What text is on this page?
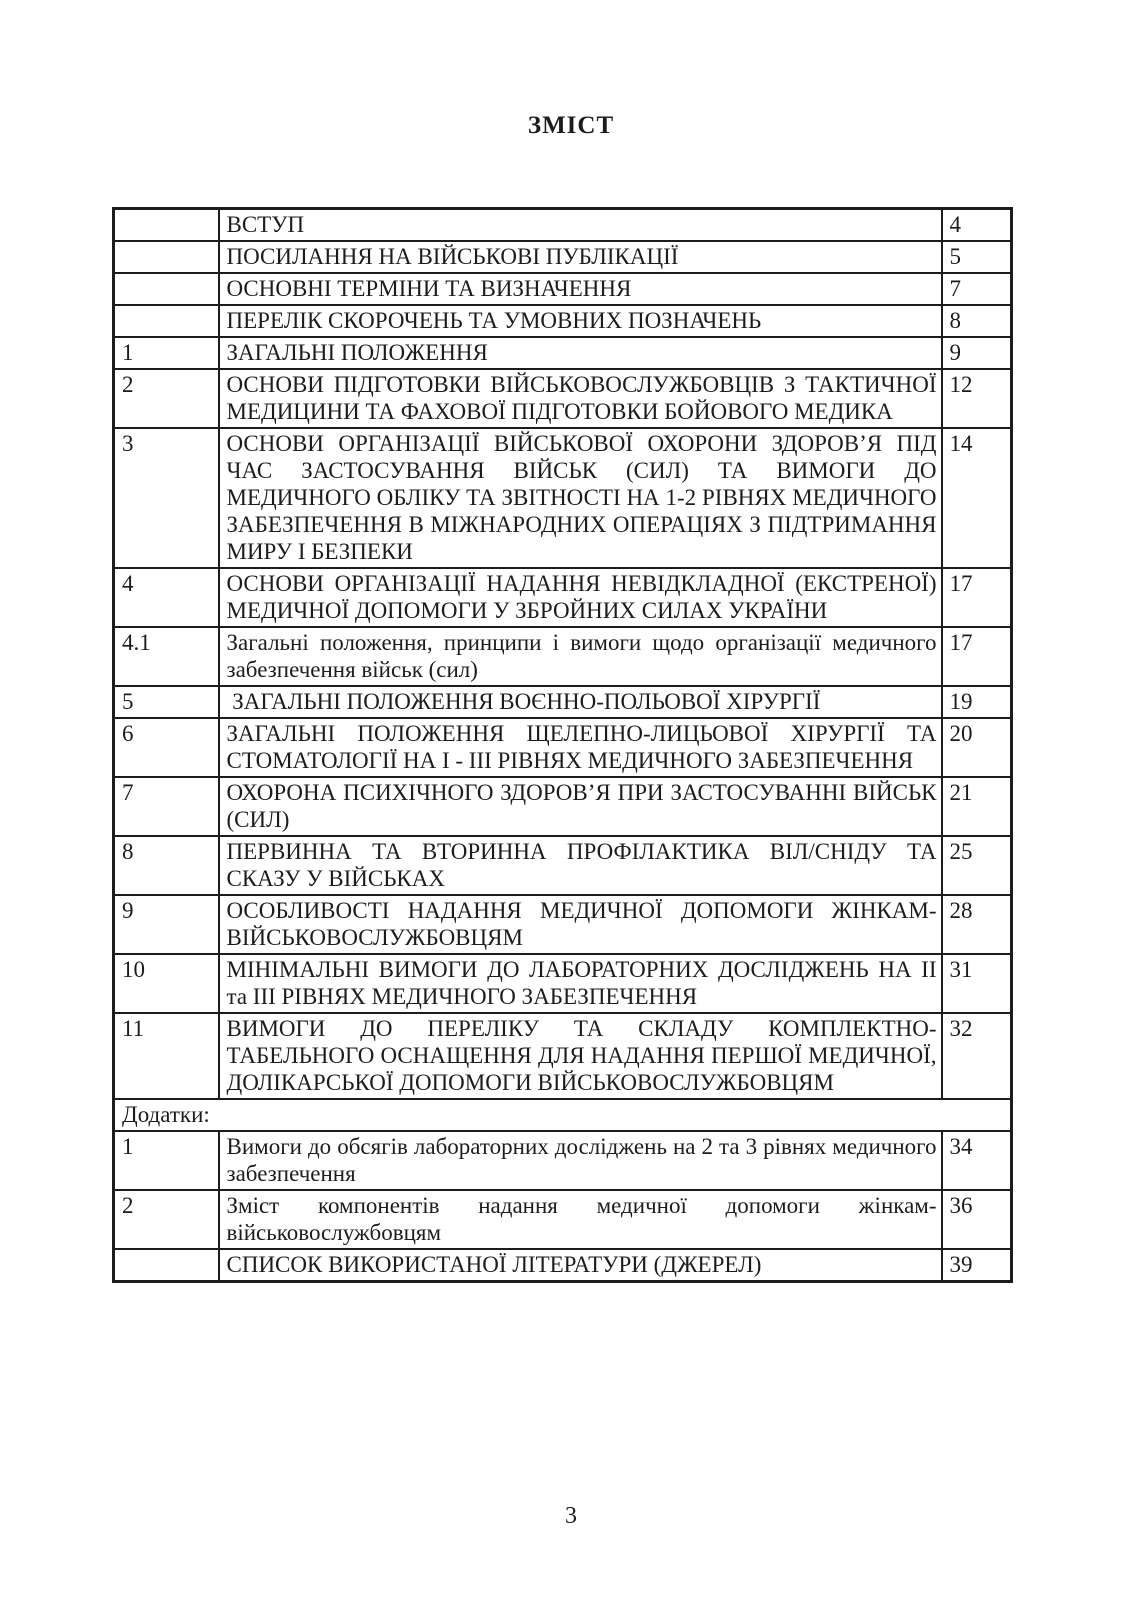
ЗМІСТ
	ВСТУП	4
	ПОСИЛАННЯ НА ВІЙСЬКОВІ ПУБЛІКАЦІЇ	5
	ОСНОВНІ ТЕРМІНИ ТА ВИЗНАЧЕННЯ	7
	ПЕРЕЛІК СКОРОЧЕНЬ ТА УМОВНИХ ПОЗНАЧЕНЬ	8
1	ЗАГАЛЬНІ ПОЛОЖЕННЯ	9
2	ОСНОВИ ПІДГОТОВКИ ВІЙСЬКОВОСЛУЖБОВЦІВ З ТАКТИЧНОЇ МЕДИЦИНИ ТА ФАХОВОЇ ПІДГОТОВКИ БОЙОВОГО МЕДИКА	12
3	ОСНОВИ ОРГАНІЗАЦІЇ ВІЙСЬКОВОЇ ОХОРОНИ ЗДОРОВ’Я ПІД ЧАС ЗАСТОСУВАННЯ ВІЙСЬК (СИЛ) ТА ВИМОГИ ДО МЕДИЧНОГО ОБЛІКУ ТА ЗВІТНОСТІ НА 1-2 РІВНЯХ МЕДИЧНОГО ЗАБЕЗПЕЧЕННЯ В МІЖНАРОДНИХ ОПЕРАЦІЯХ З ПІДТРИМАННЯ МИРУ І БЕЗПЕКИ	14
4	ОСНОВИ ОРГАНІЗАЦІЇ НАДАННЯ НЕВІДКЛАДНОЇ (ЕКСТРЕНОЇ) МЕДИЧНОЇ ДОПОМОГИ У ЗБРОЙНИХ СИЛАХ УКРАЇНИ	17
4.1	Загальні положення, принципи і вимоги щодо організації медичного забезпечення військ (сил)	17
5	ЗАГАЛЬНІ ПОЛОЖЕННЯ ВОЄННО-ПОЛЬОВОЇ ХІРУРГІЇ	19
6	ЗАГАЛЬНІ ПОЛОЖЕННЯ ЩЕЛЕПНО-ЛИЦЬОВОЇ ХІРУРГІЇ ТА СТОМАТОЛОГІЇ НА І - ІІІ РІВНЯХ МЕДИЧНОГО ЗАБЕЗПЕЧЕННЯ	20
7	ОХОРОНА ПСИХІЧНОГО ЗДОРОВ’Я ПРИ ЗАСТОСУВАННІ ВІЙСЬК (СИЛ)	21
8	ПЕРВИННА ТА ВТОРИННА ПРОФІЛАКТИКА ВІЛ/СНІДУ ТА СКАЗУ У ВІЙСЬКАХ	25
9	ОСОБЛИВОСТІ НАДАННЯ МЕДИЧНОЇ ДОПОМОГИ ЖІНКАМ-ВІЙСЬКОВОСЛУЖБОВЦЯМ	28
10	МІНІМАЛЬНІ ВИМОГИ ДО ЛАБОРАТОРНИХ ДОСЛІДЖЕНЬ НА ІІ та ІІІ РІВНЯХ МЕДИЧНОГО ЗАБЕЗПЕЧЕННЯ	31
11	ВИМОГИ ДО ПЕРЕЛІКУ ТА СКЛАДУ КОМПЛЕКТНО-ТАБЕЛЬНОГО ОСНАЩЕННЯ ДЛЯ НАДАННЯ ПЕРШОЇ МЕДИЧНОЇ, ДОЛІКАРСЬКОЇ ДОПОМОГИ ВІЙСЬКОВОСЛУЖБОВЦЯМ	32
Додатки:		
1	Вимоги до обсягів лабораторних досліджень на 2 та 3 рівнях медичного забезпечення	34
2	Зміст компонентів надання медичної допомоги жінкам-військовослужбовцям	36
	СПИСОК ВИКОРИСТАНОЇ ЛІТЕРАТУРИ (ДЖЕРЕЛ)	39
3
